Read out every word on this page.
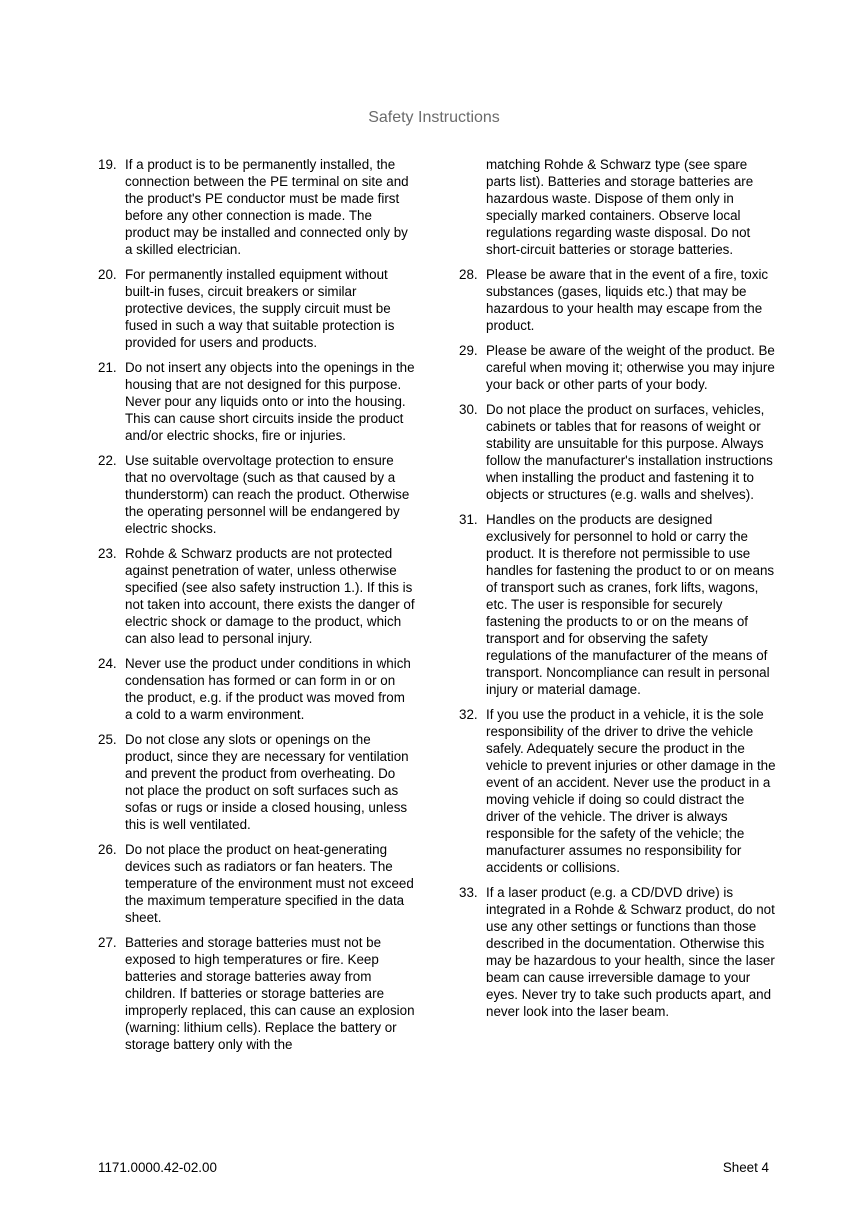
Safety Instructions
19. If a product is to be permanently installed, the connection between the PE terminal on site and the product's PE conductor must be made first before any other connection is made. The product may be installed and connected only by a skilled electrician.
20. For permanently installed equipment without built-in fuses, circuit breakers or similar protective devices, the supply circuit must be fused in such a way that suitable protection is provided for users and products.
21. Do not insert any objects into the openings in the housing that are not designed for this purpose. Never pour any liquids onto or into the housing. This can cause short circuits inside the product and/or electric shocks, fire or injuries.
22. Use suitable overvoltage protection to ensure that no overvoltage (such as that caused by a thunderstorm) can reach the product. Otherwise the operating personnel will be endangered by electric shocks.
23. Rohde & Schwarz products are not protected against penetration of water, unless otherwise specified (see also safety instruction 1.). If this is not taken into account, there exists the danger of electric shock or damage to the product, which can also lead to personal injury.
24. Never use the product under conditions in which condensation has formed or can form in or on the product, e.g. if the product was moved from a cold to a warm environment.
25. Do not close any slots or openings on the product, since they are necessary for ventilation and prevent the product from overheating. Do not place the product on soft surfaces such as sofas or rugs or inside a closed housing, unless this is well ventilated.
26. Do not place the product on heat-generating devices such as radiators or fan heaters. The temperature of the environment must not exceed the maximum temperature specified in the data sheet.
27. Batteries and storage batteries must not be exposed to high temperatures or fire. Keep batteries and storage batteries away from children. If batteries or storage batteries are improperly replaced, this can cause an explosion (warning: lithium cells). Replace the battery or storage battery only with the
matching Rohde & Schwarz type (see spare parts list). Batteries and storage batteries are hazardous waste. Dispose of them only in specially marked containers. Observe local regulations regarding waste disposal. Do not short-circuit batteries or storage batteries.
28. Please be aware that in the event of a fire, toxic substances (gases, liquids etc.) that may be hazardous to your health may escape from the product.
29. Please be aware of the weight of the product. Be careful when moving it; otherwise you may injure your back or other parts of your body.
30. Do not place the product on surfaces, vehicles, cabinets or tables that for reasons of weight or stability are unsuitable for this purpose. Always follow the manufacturer's installation instructions when installing the product and fastening it to objects or structures (e.g. walls and shelves).
31. Handles on the products are designed exclusively for personnel to hold or carry the product. It is therefore not permissible to use handles for fastening the product to or on means of transport such as cranes, fork lifts, wagons, etc. The user is responsible for securely fastening the products to or on the means of transport and for observing the safety regulations of the manufacturer of the means of transport. Noncompliance can result in personal injury or material damage.
32. If you use the product in a vehicle, it is the sole responsibility of the driver to drive the vehicle safely. Adequately secure the product in the vehicle to prevent injuries or other damage in the event of an accident. Never use the product in a moving vehicle if doing so could distract the driver of the vehicle. The driver is always responsible for the safety of the vehicle; the manufacturer assumes no responsibility for accidents or collisions.
33. If a laser product (e.g. a CD/DVD drive) is integrated in a Rohde & Schwarz product, do not use any other settings or functions than those described in the documentation. Otherwise this may be hazardous to your health, since the laser beam can cause irreversible damage to your eyes. Never try to take such products apart, and never look into the laser beam.
1171.0000.42-02.00	Sheet 4
